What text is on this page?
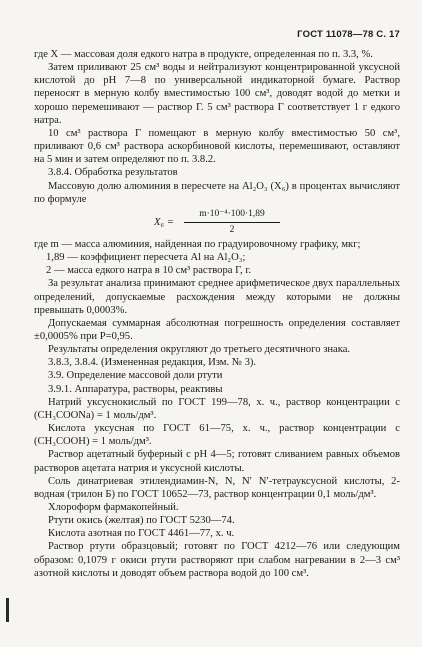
ГОСТ 11078—78 С. 17

где X — массовая доля едкого натра в продукте, определенная по п. 3.3, %.

Затем приливают 25 см³ воды и нейтрализуют концентрированной уксусной кислотой до pH 7—8 по универсальной индикаторной бумаге. Раствор переносят в мерную колбу вместимостью 100 см³, доводят водой до метки и хорошо перемешивают — раствор Г. 5 см³ раствора Г соответствует 1 г едкого натра.

10 см³ раствора Г помещают в мерную колбу вместимостью 50 см³, приливают 0,6 см³ раствора аскорбиновой кислоты, перемешивают, оставляют на 5 мин и затем определяют по п. 3.8.2.

3.8.4. Обработка результатов

Массовую долю алюминия в пересчете на Al₂O₃ (X₆) в процентах вычисляют по формуле

$X_6 = \frac{\text{m·10⁻⁴·100·1,89}}{2}$

где m — масса алюминия, найденная по градуировочному графику, мкг;

1,89 — коэффициент пересчета Al на Al₂O₃;

2 — масса едкого натра в 10 см³ раствора Г, г.

За результат анализа принимают среднее арифметическое двух параллельных определений, допускаемые расхождения между которыми не должны превышать 0,0003%.

Допускаемая суммарная абсолютная погрешность определения составляет ±0,0005% при P=0,95.

Результаты определения округляют до третьего десятичного знака.

3.8.3, 3.8.4. (Измененная редакция, Изм. № 3).

3.9. Определение массовой доли ртути

3.9.1. Аппаратура, растворы, реактивы

Натрий уксуснокислый по ГОСТ 199—78, х. ч., раствор концентрации c (CH₃COONa) = 1 моль/дм³.

Кислота уксусная по ГОСТ 61—75, х. ч., раствор концентрации c (CH₃COOH) = 1 моль/дм³.

Раствор ацетатный буферный с pH 4—5; готовят сливанием равных объемов растворов ацетата натрия и уксусной кислоты.

Соль динатриевая этилендиамин-N, N, N′ N′-тетрауксусной кислоты, 2-водная (трилон Б) по ГОСТ 10652—73, раствор концентрации 0,1 моль/дм³.

Хлороформ фармакопейный.

Ртути окись (желтая) по ГОСТ 5230—74.

Кислота азотная по ГОСТ 4461—77, х. ч.

Раствор ртути образцовый; готовят по ГОСТ 4212—76 или следующим образом: 0,1079 г окиси ртути растворяют при слабом нагревании в 2—3 см³ азотной кислоты и доводят объем раствора водой до 100 см³.
